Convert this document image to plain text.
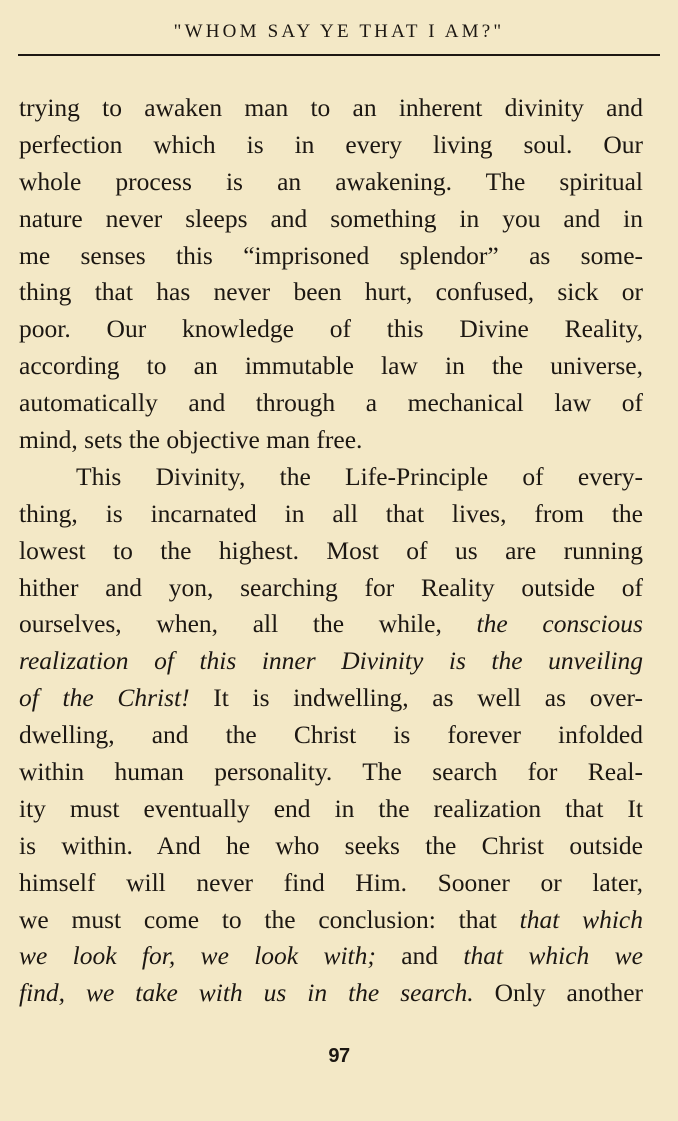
"WHOM SAY YE THAT I AM?"
trying to awaken man to an inherent divinity and
perfection which is in every living soul. Our
whole process is an awakening. The spiritual
nature never sleeps and something in you and in
me senses this “imprisoned splendor” as some-
thing that has never been hurt, confused, sick or
poor. Our knowledge of this Divine Reality,
according to an immutable law in the universe,
automatically and through a mechanical law of
mind, sets the objective man free.
This Divinity, the Life-Principle of every-
thing, is incarnated in all that lives, from the
lowest to the highest. Most of us are running
hither and yon, searching for Reality outside of
ourselves, when, all the while, the conscious
realization of this inner Divinity is the unveiling
of the Christ! It is indwelling, as well as over-
dwelling, and the Christ is forever infolded
within human personality. The search for Real-
ity must eventually end in the realization that It
is within. And he who seeks the Christ outside
himself will never find Him. Sooner or later,
we must come to the conclusion: that that which
we look for, we look with; and that which we
find, we take with us in the search. Only another
97
